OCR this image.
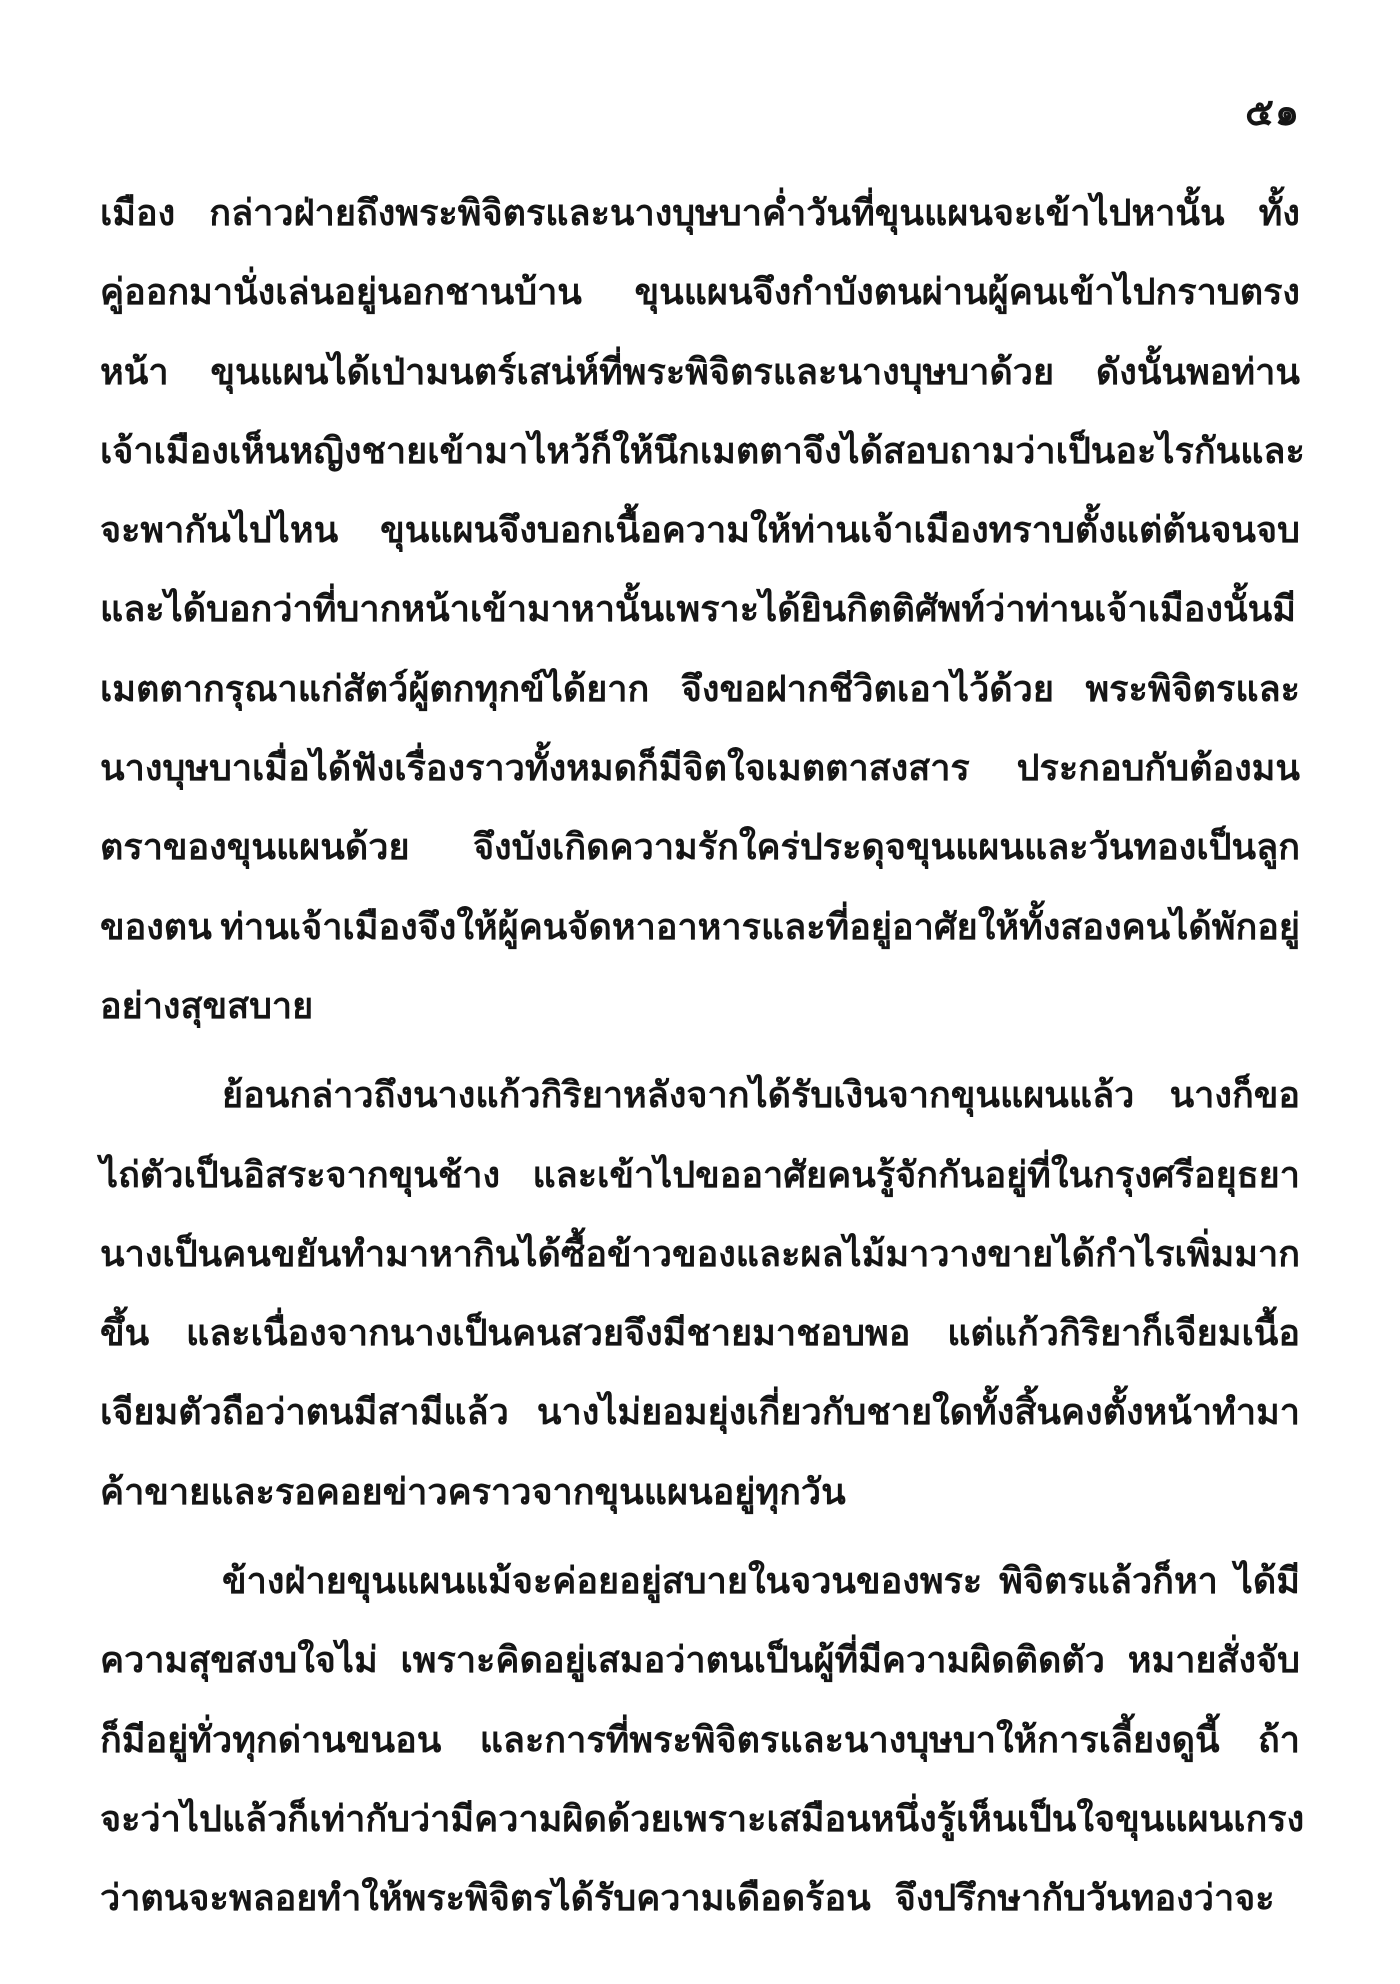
๕๑
เมือง กล่าวฝ่ายถึงพระพิจิตรและนางบุษบาค่ำวันที่ขุนแผนจะเข้าไปหานั้น ทั้ง
คู่ออกมานั่งเล่นอยู่นอกชานบ้าน ขุนแผนจึงกำบังตนผ่านผู้คนเข้าไปกราบตรง
หน้า ขุนแผนได้เป่ามนตร์เสน่ห์ที่พระพิจิตรและนางบุษบาด้วย ดังนั้นพอท่าน
เจ้าเมืองเห็นหญิงชายเข้ามาไหว้ก็ให้นึกเมตตา จึงได้สอบถามว่าเป็นอะไรกันและ
จะพากันไปไหน ขุนแผนจึงบอกเนื้อความให้ท่านเจ้าเมืองทราบตั้งแต่ต้นจนจบ
และได้บอกว่าที่บากหน้าเข้ามาหานั้นเพราะได้ยินกิตติศัพท์ว่าท่านเจ้าเมืองนั้นมี
เมตตากรุณาแก่สัตว์ผู้ตกทุกข์ได้ยาก จึงขอฝากชีวิตเอาไว้ด้วย พระพิจิตรและ
นางบุษบาเมื่อได้ฟังเรื่องราวทั้งหมดก็มีจิตใจเมตตาสงสาร ประกอบกับต้องมน
ตราของขุนแผนด้วย จึงบังเกิดความรักใคร่ประดุจขุนแผนและวันทองเป็นลูก
ของตน ท่านเจ้าเมืองจึงให้ผู้คนจัดหาอาหารและที่อยู่อาศัยให้ทั้งสองคนได้พักอยู่
อย่างสุขสบาย
ย้อนกล่าวถึงนางแก้วกิริยาหลังจากได้รับเงินจากขุนแผนแล้ว นางก็ขอ
ไถ่ตัวเป็นอิสระจากขุนช้าง และเข้าไปขออาศัยคนรู้จักกันอยู่ที่ในกรุงศรีอยุธยา
นางเป็นคนขยันทำมาหากินได้ซื้อข้าวของและผลไม้มาวางขาย ได้กำไรเพิ่มมาก
ขึ้น และเนื่องจากนางเป็นคนสวยจึงมีชายมาชอบพอ แต่แก้วกิริยาก็เจียมเนื้อ
เจียมตัวถือว่าตนมีสามีแล้ว นางไม่ยอมยุ่งเกี่ยวกับชายใดทั้งสิ้นคงตั้งหน้าทำมา
ค้าขายและรอคอยข่าวคราวจากขุนแผนอยู่ทุกวัน
ข้างฝ่ายขุนแผนแม้จะค่อยอยู่สบายในจวนของพระ พิจิตรแล้วก็หา ได้มี
ความสุขสงบใจไม่ เพราะคิดอยู่เสมอว่าตนเป็นผู้ที่มีความผิดติดตัว หมายสั่งจับ
ก็มีอยู่ทั่วทุกด่านขนอน และการที่พระพิจิตรและนางบุษบาให้การเลี้ยงดูนี้ ถ้า
จะว่าไปแล้วก็เท่ากับว่ามีความผิดด้วย เพราะเสมือนหนึ่งรู้เห็นเป็นใจ ขุนแผนเกรง
ว่าตนจะพลอยทำให้พระพิจิตรได้รับความเดือดร้อน จึงปรึกษากับวันทองว่าจะ
